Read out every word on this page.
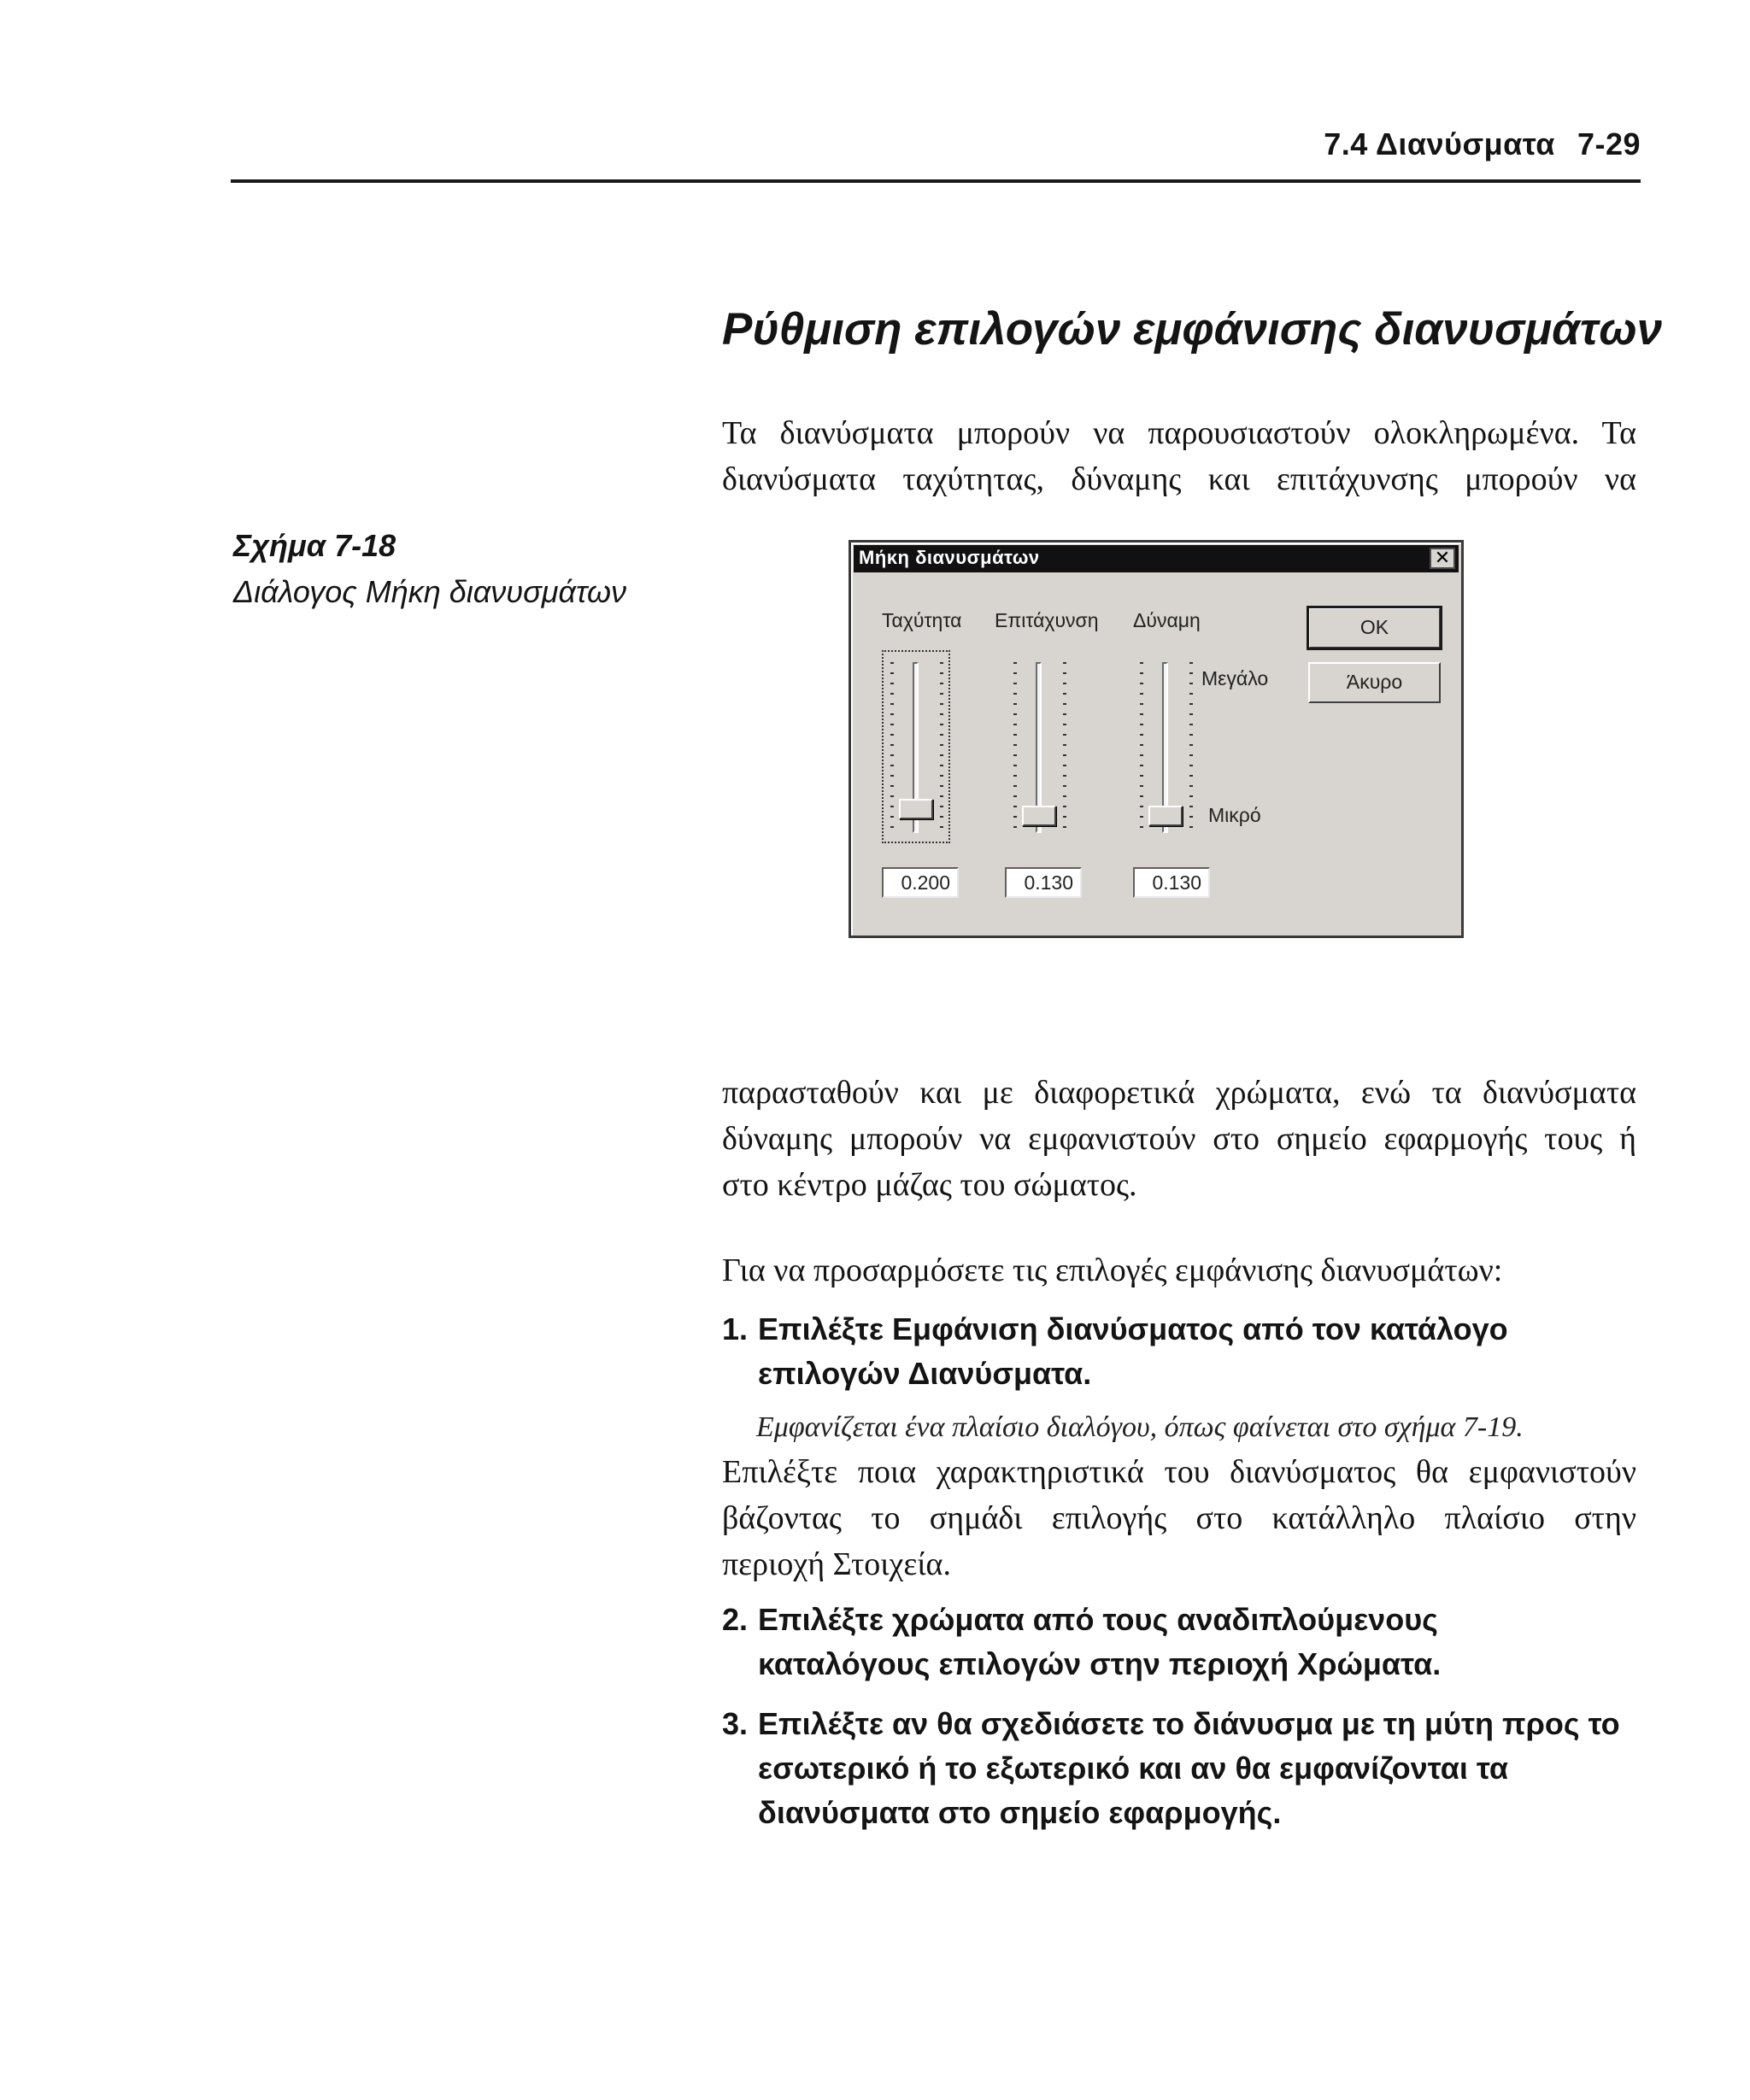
7.4 Διανύσματα 7-29
Ρύθμιση επιλογών εμφάνισης διανυσμάτων
Τα διανύσματα μπορούν να παρουσιαστούν ολοκληρωμένα. Τα
διανύσματα ταχύτητας, δύναμης και επιτάχυνσης μπορούν να
Σχήμα 7-18
Διάλογος Μήκη διανυσμάτων
Μήκη διανυσμάτων	✕
Ταχύτητα
0.200
Επιτάχυνση
0.130
Δύναμη
0.130
Μεγάλο
Μικρό
OK
Άκυρο
παρασταθούν και με διαφορετικά χρώματα, ενώ τα διανύσματα
δύναμης μπορούν να εμφανιστούν στο σημείο εφαρμογής τους ή
στο κέντρο μάζας του σώματος.
Για να προσαρμόσετε τις επιλογές εμφάνισης διανυσμάτων:
1. Επιλέξτε Εμφάνιση διανύσματος από τον κατάλογο επιλογών Διανύσματα.
Εμφανίζεται ένα πλαίσιο διαλόγου, όπως φαίνεται στο σχήμα 7-19.
Επιλέξτε ποια χαρακτηριστικά του διανύσματος θα εμφανιστούν
βάζοντας το σημάδι επιλογής στο κατάλληλο πλαίσιο στην
περιοχή Στοιχεία.
2. Επιλέξτε χρώματα από τους αναδιπλούμενους καταλόγους επιλογών στην περιοχή Χρώματα.
3. Επιλέξτε αν θα σχεδιάσετε το διάνυσμα με τη μύτη προς το εσωτερικό ή το εξωτερικό και αν θα εμφανίζονται τα διανύσματα στο σημείο εφαρμογής.
